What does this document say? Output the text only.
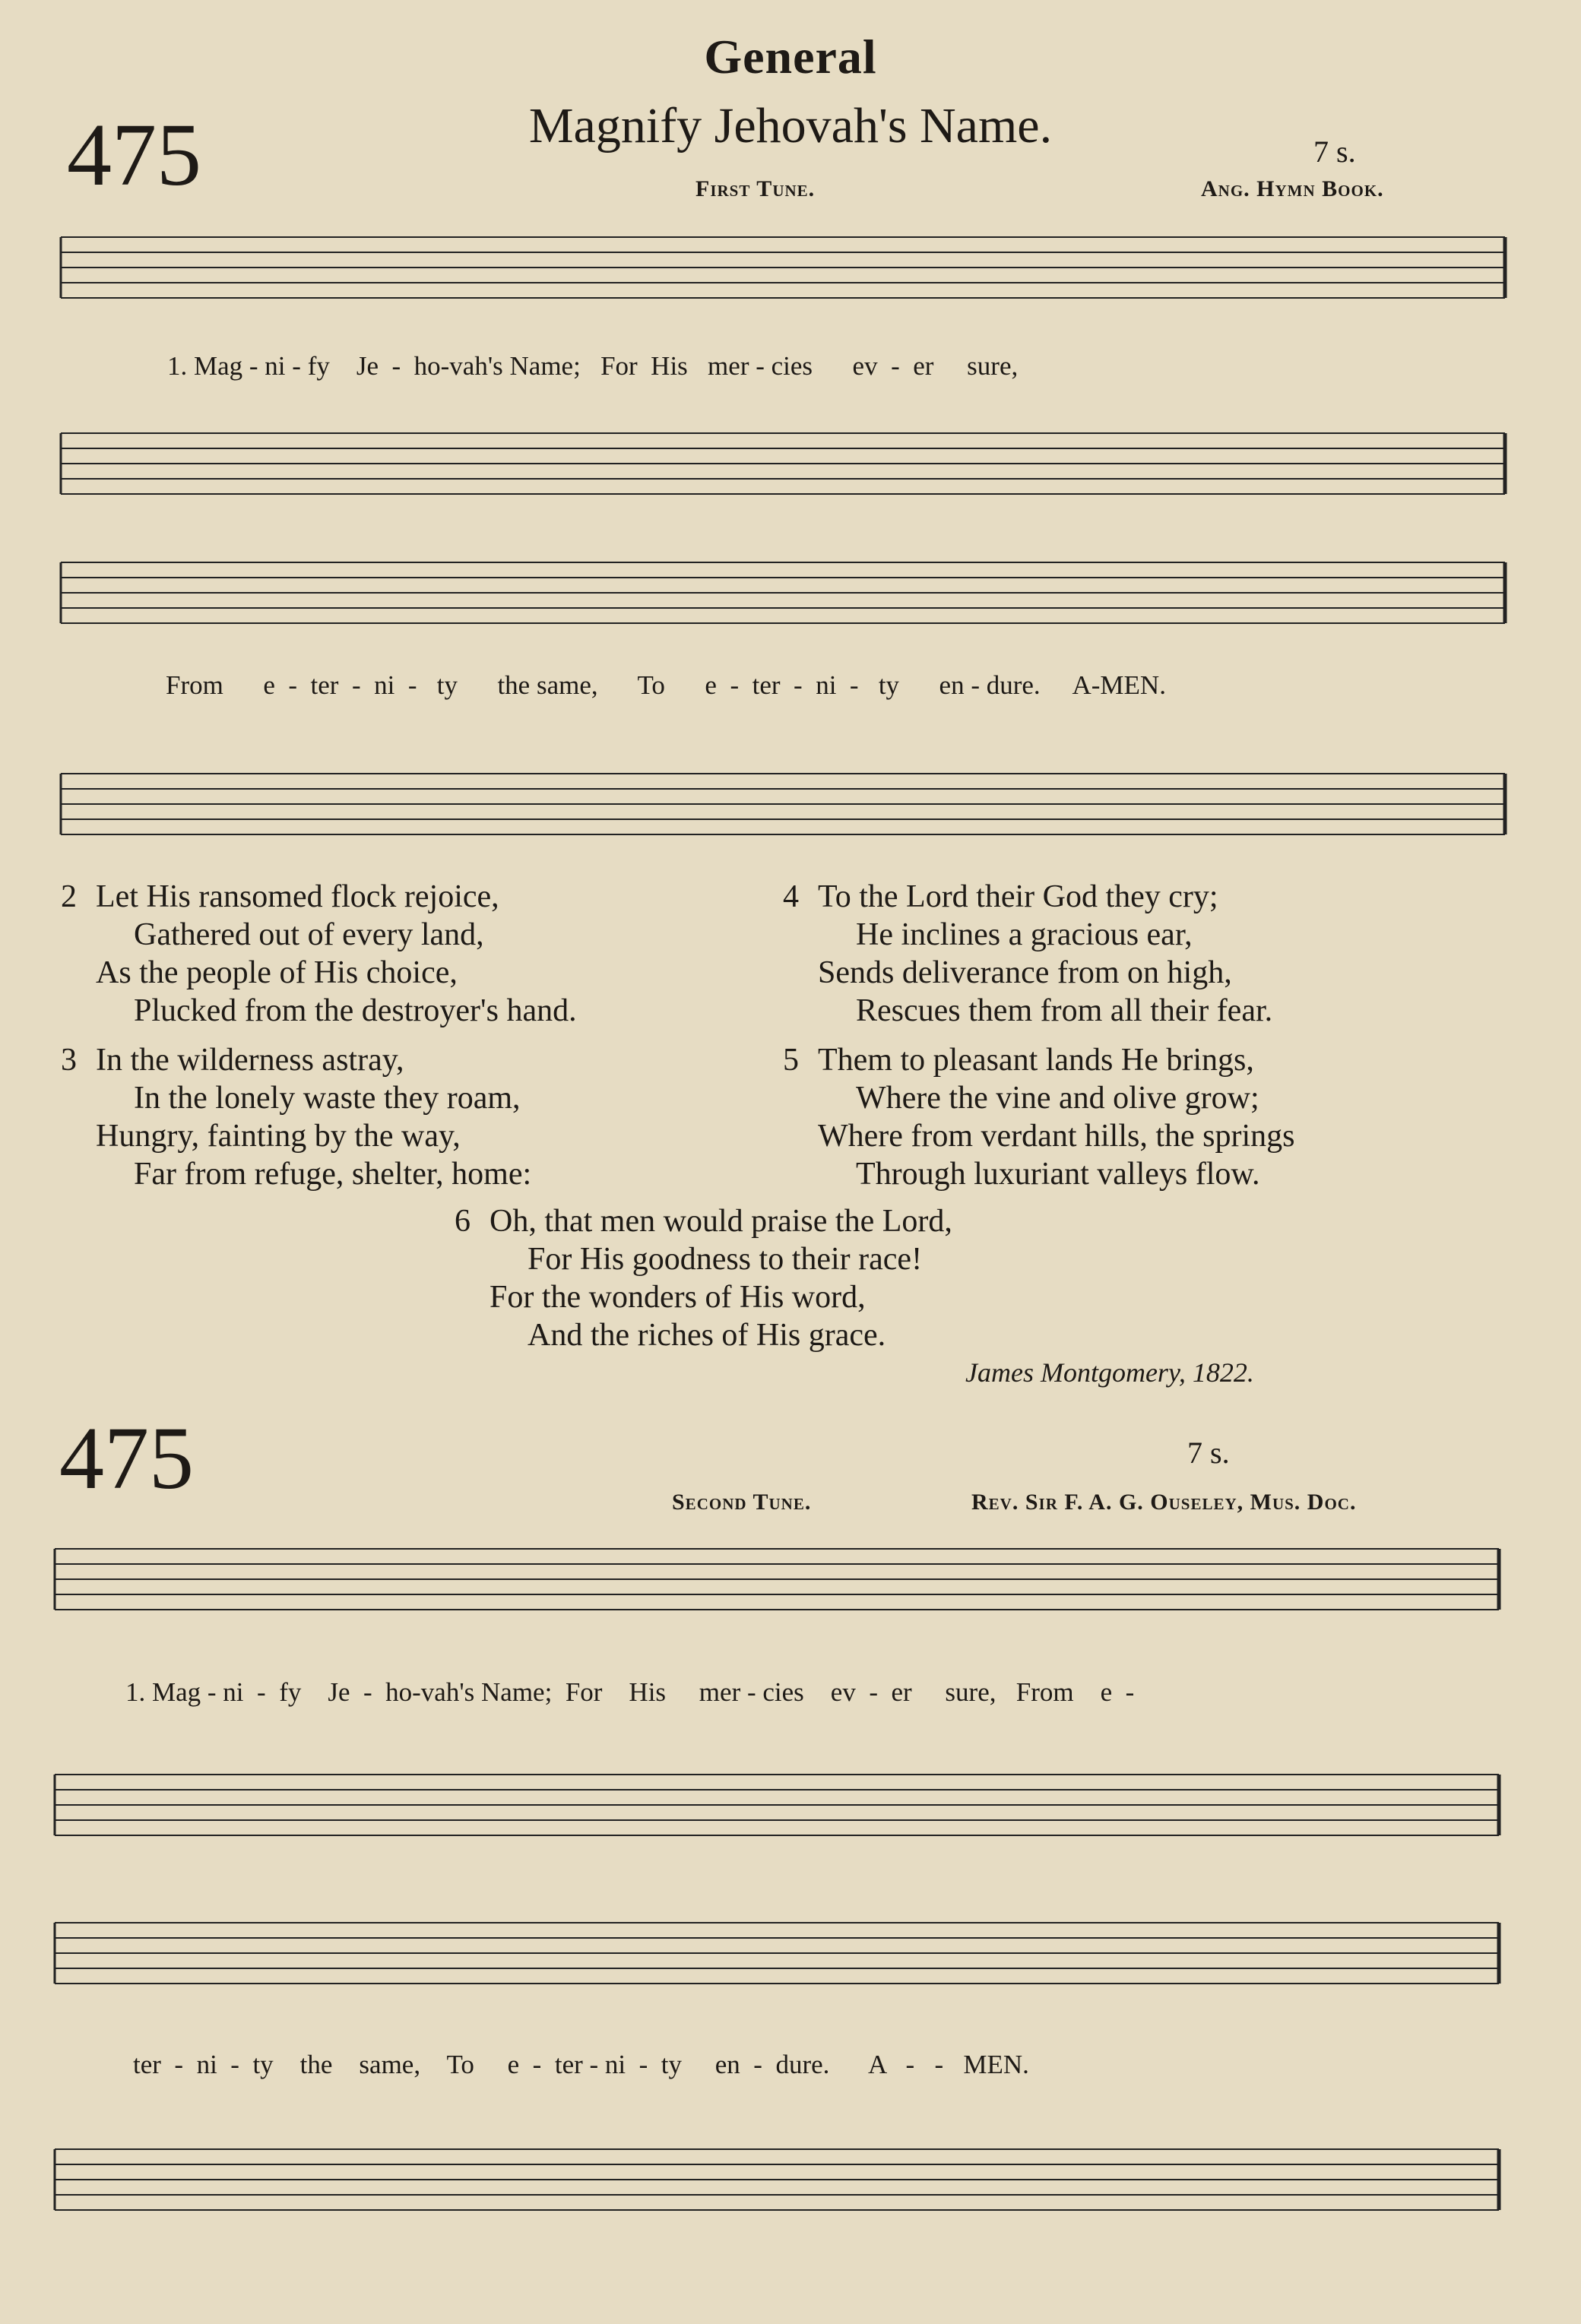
General
475	Magnify Jehovah's Name.	7 s.
First Tune.	Ang. Hymn Book.
1. Mag - ni - fy    Je  -  ho-vah's Name;   For  His   mer - cies      ev  -  er     sure,
From      e  -  ter  -  ni  -   ty      the same,      To      e  -  ter  -  ni  -   ty      en - dure.     A-MEN.

2 Let His ransomed flock rejoice,

Gathered out of every land,

As the people of His choice,

Plucked from the destroyer's hand.

3 In the wilderness astray,

In the lonely waste they roam,

Hungry, fainting by the way,

Far from refuge, shelter, home:

4 To the Lord their God they cry;

He inclines a gracious ear,

Sends deliverance from on high,

Rescues them from all their fear.

5 Them to pleasant lands He brings,

Where the vine and olive grow;

Where from verdant hills, the springs

Through luxuriant valleys flow.

6 Oh, that men would praise the Lord,

For His goodness to their race!

For the wonders of His word,

And the riches of His grace.

James Montgomery, 1822.
475	7 s.
Second Tune.	Rev. Sir F. A. G. Ouseley, Mus. Doc.
1. Mag - ni  -  fy    Je  -  ho-vah's Name;  For    His     mer - cies    ev  -  er     sure,   From    e  -
ter  -  ni  -  ty    the    same,    To     e  -  ter - ni  -  ty     en  -  dure.      A   -   -   MEN.
